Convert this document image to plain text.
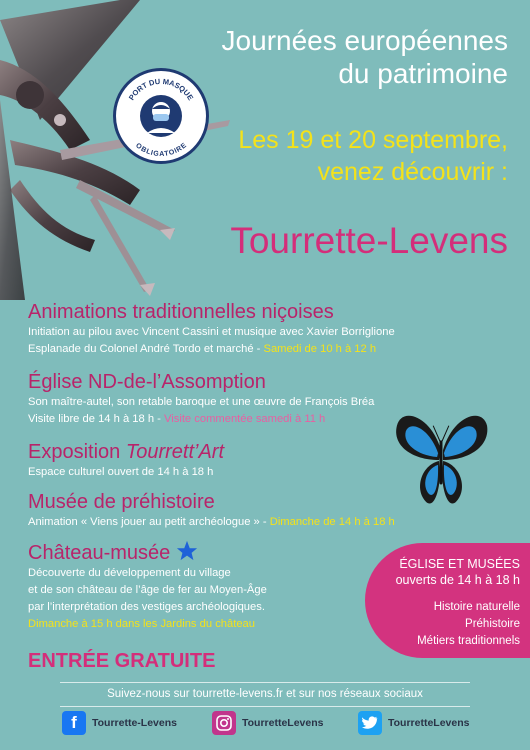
PORT DU MASQUE
OBLIGATOIRE
Journées européennes
du patrimoine
Les 19 et 20 septembre,
venez découvrir :
Tourrette-Levens
Animations traditionnelles niçoises
Initiation au pilou avec Vincent Cassini et musique avec Xavier Borriglione
Esplanade du Colonel André Tordo et marché - Samedi de 10 h à 12 h
Église ND-de-l’Assomption
Son maître-autel, son retable baroque et une œuvre de François Bréa
Visite libre de 14 h à 18 h - Visite commentée samedi à 11 h
Exposition Tourrett’Art
Espace culturel ouvert de 14 h à 18 h
Musée de préhistoire
Animation « Viens jouer au petit archéologue » - Dimanche de 14 h à 18 h
Château-musée
Découverte du développement du village
et de son château de l’âge de fer au Moyen-Âge
par l’interprétation des vestiges archéologiques.
Dimanche à 15 h dans les Jardins du château
ÉGLISE ET MUSÉES
ouverts de 14 h à 18 h
Histoire naturelle
Préhistoire
Métiers traditionnels
ENTRÉE GRATUITE
Suivez-nous sur tourrette-levens.fr et sur nos réseaux sociaux
f Tourrette-Levens	TourretteLevens	TourretteLevens
